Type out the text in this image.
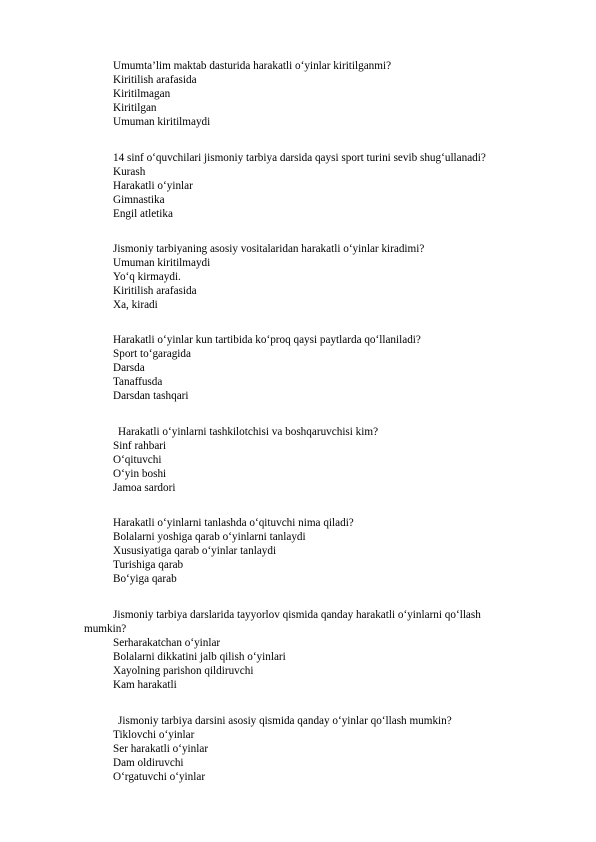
Umumta’lim maktab dasturida harakatli o‘yinlar kiritilganmi?
Kiritilish arafasida
Kiritilmagan
Kiritilgan
Umuman kiritilmaydi
14 sinf o‘quvchilari jismoniy tarbiya darsida qaysi sport turini sevib shug‘ullanadi?
Kurash
Harakatli o‘yinlar
Gimnastika
Engil atletika
Jismoniy tarbiyaning asosiy vositalaridan harakatli o‘yinlar kiradimi?
Umuman kiritilmaydi
Yo‘q kirmaydi.
Kiritilish arafasida
Xa, kiradi
Harakatli o‘yinlar kun tartibida ko‘proq qaysi paytlarda qo‘llaniladi?
Sport to‘garagida
Darsda
Tanaffusda
Darsdan tashqari
Harakatli o‘yinlarni tashkilotchisi va boshqaruvchisi kim?
Sinf rahbari
O‘qituvchi
O‘yin boshi
Jamoa sardori
Harakatli o‘yinlarni tanlashda o‘qituvchi nima qiladi?
Bolalarni yoshiga qarab o‘yinlarni tanlaydi
Xususiyatiga qarab o‘yinlar tanlaydi
Turishiga qarab
Bo‘yiga qarab
Jismoniy tarbiya darslarida tayyorlov qismida qanday harakatli o‘yinlarni qo‘llash
mumkin?
Serharakatchan o‘yinlar
Bolalarni dikkatini jalb qilish o‘yinlari
Xayolning parishon qildiruvchi
Kam harakatli
Jismoniy tarbiya darsini asosiy qismida qanday o‘yinlar qo‘llash mumkin?
Tiklovchi o‘yinlar
Ser harakatli o‘yinlar
Dam oldiruvchi
O‘rgatuvchi o‘yinlar
